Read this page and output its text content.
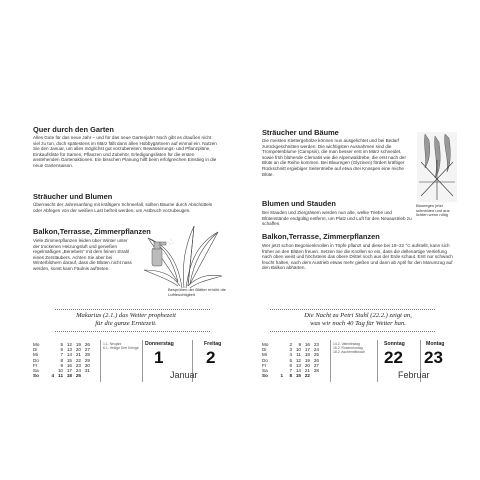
Quer durch den Garten

Alles Gute für das neue Jahr – und für das neue Gartenjahr! Noch gibt es draußen nicht viel zu tun, doch spätestens im März fällt dann allen Hobbygärtnern auf einmal ein. Nutzen Sie den Januar, um alles möglichst gut vorzubereiten: Bewässerungs- und Pflanzpläne, Einkaufsliste für Samen, Pflanzen und Zubehör, Erledigungslisten für die ersten anstehenden Gartenaktionen. Ein bisschen Planung hilft beim erfolgreichen Einstieg in die neue Gartensaison.

Sträucher und Blumen

Überrascht der Jahresanfang mit kräftigem Schneefall, sollten Bäume durch Abschütteln oder Abfegen von der weißen Last befreit werden, um Astbruch vorzubeugen.

Balkon,Terrasse, Zimmerpflanzen

Viele Zimmerpflanzen leiden über Winter unter der trockenen Heizungsluft und genießen regelmäßiges „Benebeln“ mit dem feinen Strahl eines Zerstäubers. Achten Sie aber bei Winterblühern darauf, dass die Blüten nicht nass werden, sonst kann Fäulnis auftreten.

Besprühen der Blätter erhöht die Luftfeuchtigkeit
Makarius (2.1.) das Wetter prophezeit
für die ganze Erntezeit.
Mo
Di
Mi
Do
Fr
Sa
So	4
5
6
7
8
9
10
11
12
13
14
15
16
17
18
19
20
21
22
23
24
25
26
27
28
29
30
31
1.1. Neujahr
6.1. Heilige Drei Könige
Donnerstag
1
Freitag
2
Januar
Sträucher und Bäume

Die meisten Klettergehölze können nun ausgelichtet und bei Bedarf zurückgeschnitten werden. Die wichtigsten Ausnahmen sind die Trompetenblume (Campsis), die man besser erst im März schneidet, sowie früh blühende Clematis wie die Alpenwaldrebe, die erst nach der Blüte an die Reihe kommen. Bei Blauregen (Glyzinen) fördert kräftiger Rückschnitt ergiebiger Seitentriebe auf etwa drei Knospen eine reiche Blüte.

Blumen und Stauden

Bei Stauden und Ziergräsern werden nun alte, welke Triebe und Blütenstände endgültig entfernt, um Platz und Luft für den Neuaustrieb zu schaffen.

Balkon,Terrasse, Zimmerpflanzen

Wer jetzt schon Begonienknollen in Töpfe pflanzt und diese bei 18–22 °C aufstellt, kann sich früher an den Blüten freuen. Setzen Sie die Knollen so ein, dass die dellenartige Vertiefung nach oben weist und höchstens das obere Drittel noch aus der Erde schaut. Erst nur schwach feucht halten, nach dem Austrieb etwas mehr gießen und dann ab April für den Marumzug auf den Balkon abhärten.

Blauregen jetzt schneiden und aus lichten wenn nötig
Die Nacht zu Petri Stuhl (22.2.) zeigt an,
was wir noch 40 Tag für Wetter han.
Mo
Di
Mi
Do
Fr
Sa
So	1
2
3
4
5
6
7
8
9
10
11
12
13
14
15
16
17
18
19
20
21
22
23
24
25
26
27
28
14.2. Valentinstag
16.2. Rosenmontag
18.2. Aschermittwoch
Sonntag
22
Montag
23
Februar
